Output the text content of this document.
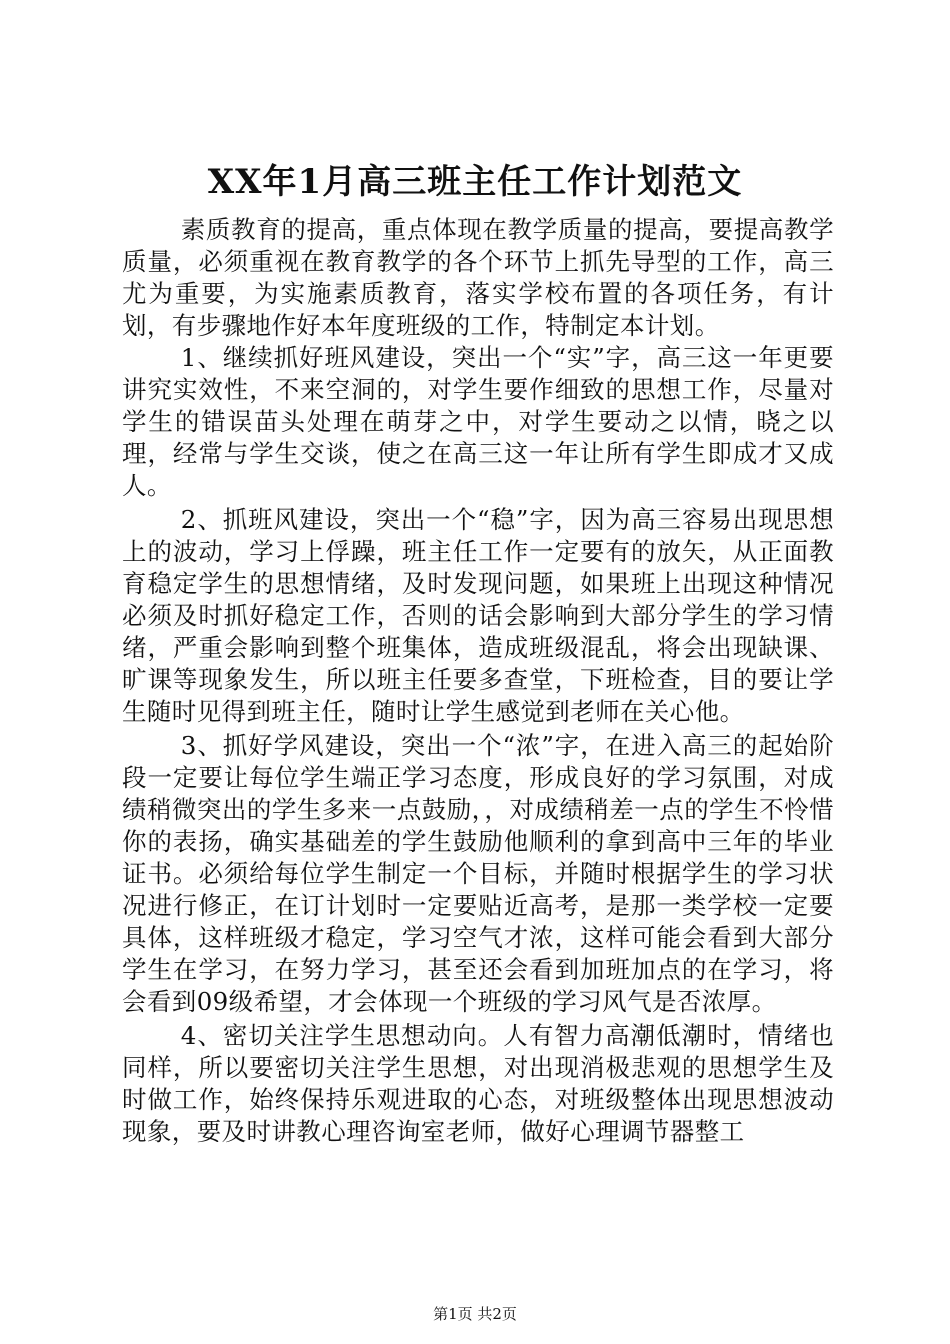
XX年1月高三班主任工作计划范文

素质教育的提高，重点体现在教学质量的提高，要提高教学质量，必须重视在教育教学的各个环节上抓先导型的工作，高三尤为重要，为实施素质教育，落实学校布置的各项任务，有计划，有步骤地作好本年度班级的工作，特制定本计划。

1、继续抓好班风建设，突出一个“实”字，高三这一年更要讲究实效性，不来空洞的，对学生要作细致的思想工作，尽量对学生的错误苗头处理在萌芽之中，对学生要动之以情，晓之以理，经常与学生交谈，使之在高三这一年让所有学生即成才又成人。

2、抓班风建设，突出一个“稳”字，因为高三容易出现思想上的波动，学习上俘躁，班主任工作一定要有的放矢，从正面教育稳定学生的思想情绪，及时发现问题，如果班上出现这种情况必须及时抓好稳定工作，否则的话会影响到大部分学生的学习情绪，严重会影响到整个班集体，造成班级混乱，将会出现缺课、旷课等现象发生，所以班主任要多查堂，下班检查，目的要让学生随时见得到班主任，随时让学生感觉到老师在关心他。

3、抓好学风建设，突出一个“浓”字，在进入高三的起始阶段一定要让每位学生端正学习态度，形成良好的学习氛围，对成绩稍微突出的学生多来一点鼓励，，对成绩稍差一点的学生不怜惜你的表扬，确实基础差的学生鼓励他顺利的拿到高中三年的毕业证书。必须给每位学生制定一个目标，并随时根据学生的学习状况进行修正，在订计划时一定要贴近高考，是那一类学校一定要具体，这样班级才稳定，学习空气才浓，这样可能会看到大部分学生在学习，在努力学习，甚至还会看到加班加点的在学习，将会看到09级希望，才会体现一个班级的学习风气是否浓厚。

4、密切关注学生思想动向。人有智力高潮低潮时，情绪也同样，所以要密切关注学生思想，对出现消极悲观的思想学生及时做工作，始终保持乐观进取的心态，对班级整体出现思想波动现象，要及时讲教心理咨询室老师，做好心理调节器整工

第1页 共2页
